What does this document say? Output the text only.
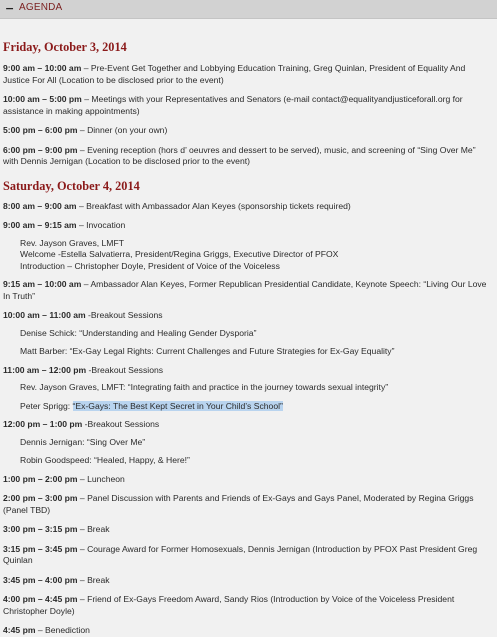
− AGENDA
Friday, October 3, 2014

9:00 am – 10:00 am – Pre-Event Get Together and Lobbying Education Training, Greg Quinlan, President of Equality And Justice For All (Location to be disclosed prior to the event)

10:00 am – 5:00 pm – Meetings with your Representatives and Senators (e-mail contact@equalityandjusticeforall.org for assistance in making appointments)

5:00 pm – 6:00 pm – Dinner (on your own)

6:00 pm – 9:00 pm – Evening reception (hors d’ oeuvres and dessert to be served), music, and screening of “Sing Over Me” with Dennis Jernigan (Location to be disclosed prior to the event)

Saturday, October 4, 2014

8:00 am – 9:00 am – Breakfast with Ambassador Alan Keyes (sponsorship tickets required)

9:00 am – 9:15 am – Invocation

Rev. Jayson Graves, LMFT

Welcome -Estella Salvatierra, President/Regina Griggs, Executive Director of PFOX

Introduction – Christopher Doyle, President of Voice of the Voiceless

9:15 am – 10:00 am – Ambassador Alan Keyes, Former Republican Presidential Candidate, Keynote Speech: “Living Our Love In Truth”

10:00 am – 11:00 am -Breakout Sessions

Denise Schick: “Understanding and Healing Gender Dysporia”

Matt Barber: “Ex-Gay Legal Rights: Current Challenges and Future Strategies for Ex-Gay Equality”

11:00 am – 12:00 pm -Breakout Sessions

Rev. Jayson Graves, LMFT: “Integrating faith and practice in the journey towards sexual integrity”

Peter Sprigg: “Ex-Gays: The Best Kept Secret in Your Child’s School”

12:00 pm – 1:00 pm -Breakout Sessions

Dennis Jernigan: “Sing Over Me”

Robin Goodspeed: “Healed, Happy, & Here!”

1:00 pm – 2:00 pm – Luncheon

2:00 pm – 3:00 pm – Panel Discussion with Parents and Friends of Ex-Gays and Gays Panel, Moderated by Regina Griggs (Panel TBD)

3:00 pm – 3:15 pm – Break

3:15 pm – 3:45 pm – Courage Award for Former Homosexuals, Dennis Jernigan (Introduction by PFOX Past President Greg Quinlan

3:45 pm – 4:00 pm – Break

4:00 pm – 4:45 pm – Friend of Ex-Gays Freedom Award, Sandy Rios (Introduction by Voice of the Voiceless President Christopher Doyle)

4:45 pm – Benediction
